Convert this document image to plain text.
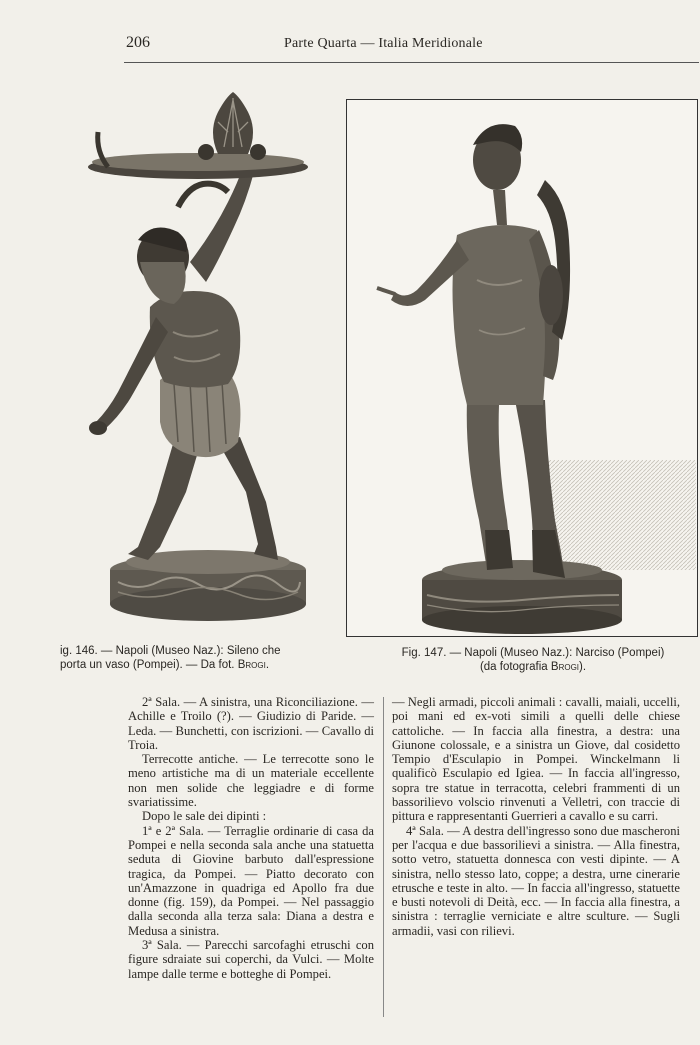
206	Parte Quarta — Italia Meridionale
ig. 146. — Napoli (Museo Naz.): Sileno che
porta un vaso (Pompei). — Da fot. Brogi.
Fig. 147. — Napoli (Museo Naz.): Narciso (Pompei)
(da fotografia Brogi).

2ª Sala. — A sinistra, una Riconciliazione. — Achille e Troilo (?). — Giudizio di Paride. — Leda. — Bunchetti, con iscrizioni. — Cavallo di Troia.

Terrecotte antiche. — Le terrecotte sono le meno artistiche ma di un materiale eccellente non men solide che leggiadre e di forme svariatissime.

Dopo le sale dei dipinti :

1ª e 2ª Sala. — Terraglie ordinarie di casa da Pompei e nella seconda sala anche una statuetta seduta di Giovine barbuto dall'espressione tragica, da Pompei. — Piatto decorato con un'Amazzone in quadriga ed Apollo fra due donne (fig. 159), da Pompei. — Nel passaggio dalla seconda alla terza sala: Diana a destra e Medusa a sinistra.

3ª Sala. — Parecchi sarcofaghi etruschi con figure sdraiate sui coperchi, da Vulci. — Molte lampe dalle terme e botteghe di Pompei.

— Negli armadi, piccoli animali : cavalli, maiali, uccelli, poi mani ed ex-voti simili a quelli delle chiese cattoliche. — In faccia alla finestra, a destra: una Giunone colossale, e a sinistra un Giove, dal cosidetto Tempio d'Esculapio in Pompei. Winckelmann li qualificò Esculapio ed Igiea. — In faccia all'ingresso, sopra tre statue in terracotta, celebri frammenti di un bassorilievo volscio rinvenuti a Velletri, con traccie di pittura e rappresentanti Guerrieri a cavallo e su carri.

4ª Sala. — A destra dell'ingresso sono due mascheroni per l'acqua e due bassorilievi a sinistra. — Alla finestra, sotto vetro, statuetta donnesca con vesti dipinte. — A sinistra, nello stesso lato, coppe; a destra, urne cinerarie etrusche e teste in alto. — In faccia all'ingresso, statuette e busti notevoli di Deità, ecc. — In faccia alla finestra, a sinistra : terraglie verniciate e altre sculture. — Sugli armadii, vasi con rilievi.
